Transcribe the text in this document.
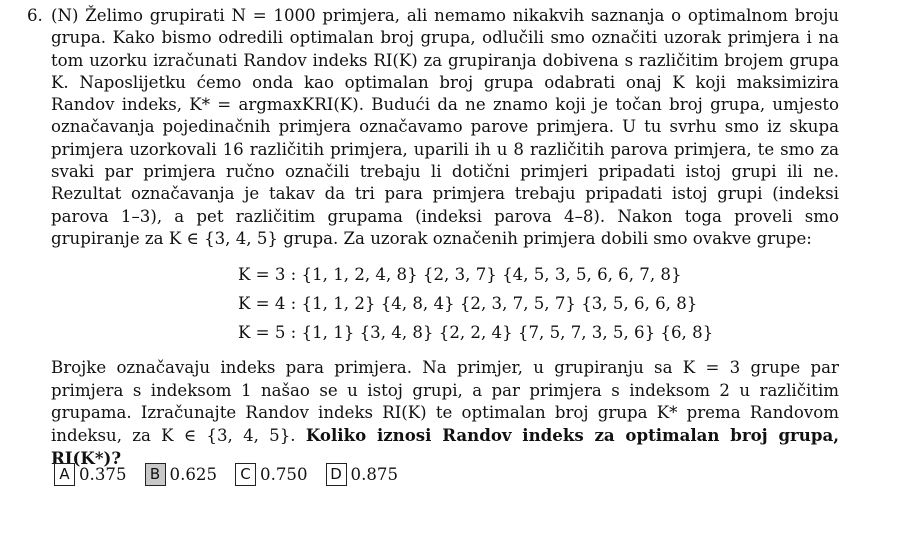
6. (N) Želimo grupirati N = 1000 primjera, ali nemamo nikakvih saznanja o optimalnom broju grupa. Kako bismo odredili optimalan broj grupa, odlučili smo označiti uzorak primjera i na tom uzorku izračunati Randov indeks RI(K) za grupiranja dobivena s različitim brojem grupa K. Naposlijetku ćemo onda kao optimalan broj grupa odabrati onaj K koji maksimizira Randov indeks, K* = argmaxKRI(K). Budući da ne znamo koji je točan broj grupa, umjesto označavanja pojedinačnih primjera označavamo parove primjera. U tu svrhu smo iz skupa primjera uzorkovali 16 različitih primjera, uparili ih u 8 različitih parova primjera, te smo za svaki par primjera ručno označili trebaju li dotični primjeri pripadati istoj grupi ili ne. Rezultat označavanja je takav da tri para primjera trebaju pripadati istoj grupi (indeksi parova 1–3), a pet različitim grupama (indeksi parova 4–8). Nakon toga proveli smo grupiranje za K ∈ {3, 4, 5} grupa. Za uzorak označenih primjera dobili smo ovakve grupe:

K = 3 : {1, 1, 2, 4, 8} {2, 3, 7} {4, 5, 3, 5, 6, 6, 7, 8}
K = 4 : {1, 1, 2} {4, 8, 4} {2, 3, 7, 5, 7} {3, 5, 6, 6, 8}
K = 5 : {1, 1} {3, 4, 8} {2, 2, 4} {7, 5, 7, 3, 5, 6} {6, 8}

Brojke označavaju indeks para primjera. Na primjer, u grupiranju sa K = 3 grupe par primjera s indeksom 1 našao se u istoj grupi, a par primjera s indeksom 2 u različitim grupama. Izračunajte Randov indeks RI(K) te optimalan broj grupa K* prema Randovom indeksu, za K ∈ {3, 4, 5}. Koliko iznosi Randov indeks za optimalan broj grupa, RI(K*)?

A 0.375	B 0.625	C 0.750	D 0.875
